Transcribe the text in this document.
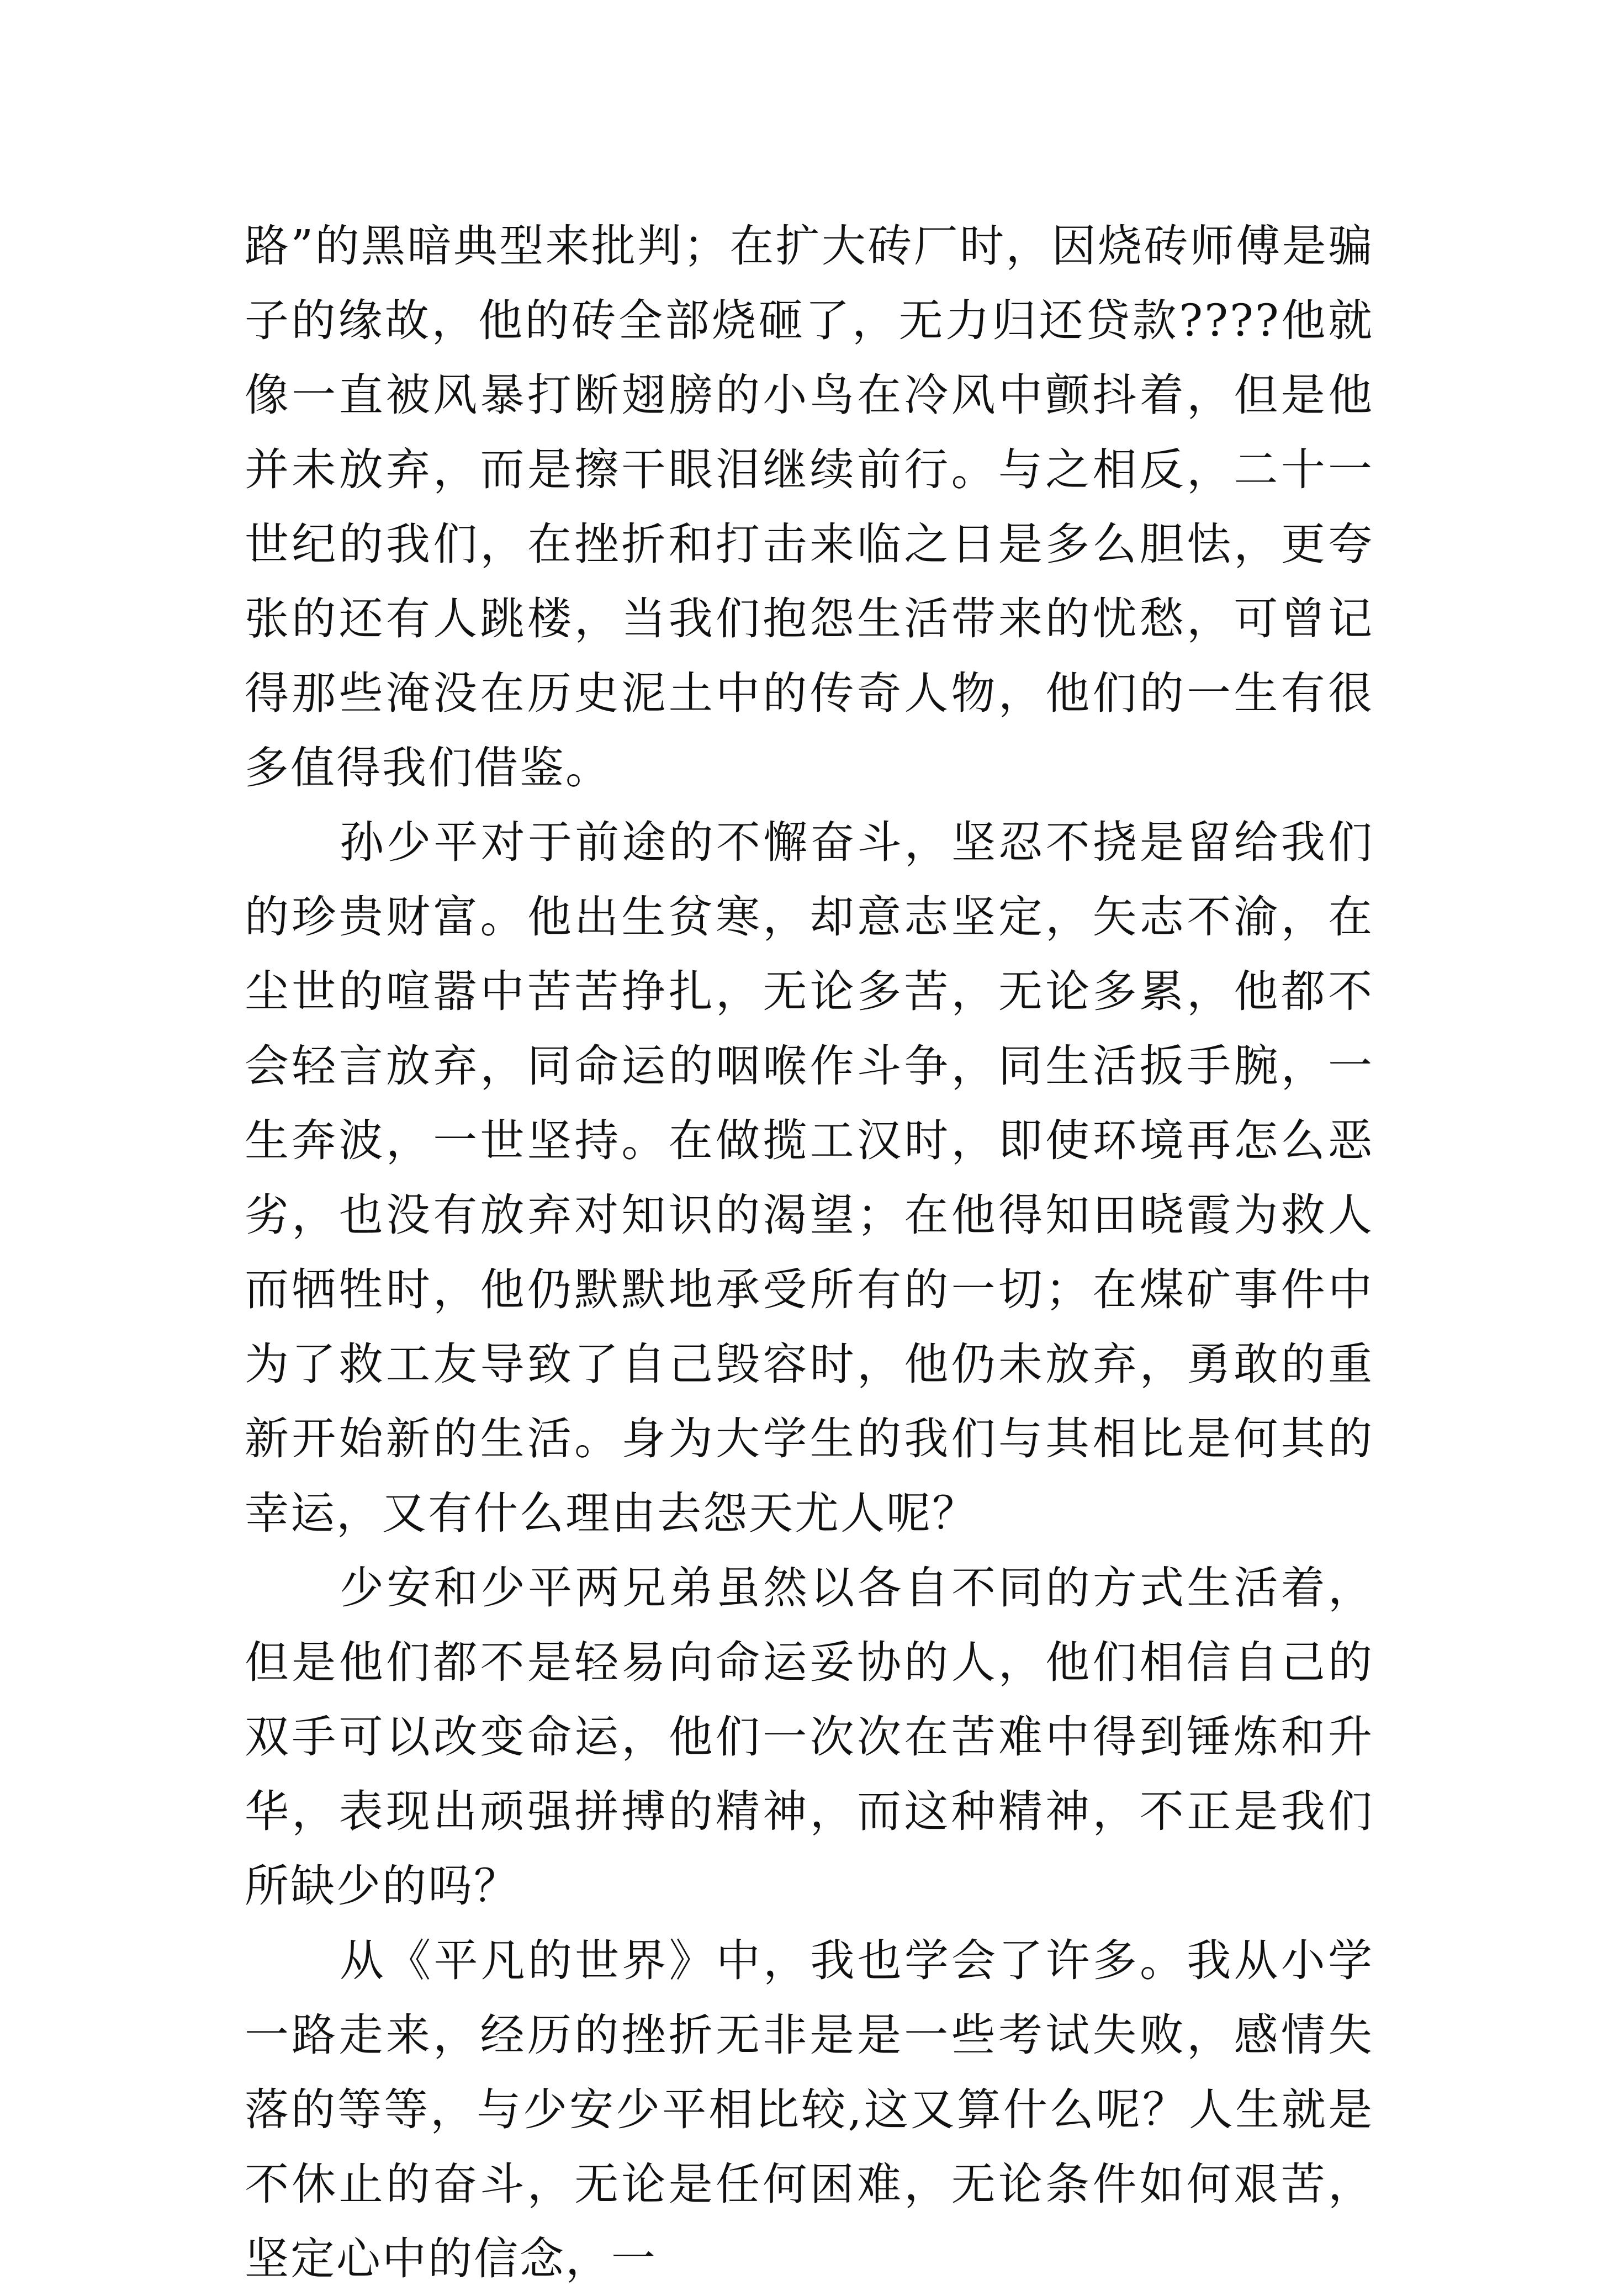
路”的黑暗典型来批判；在扩大砖厂时，因烧砖师傅是骗子的缘故，他的砖全部烧砸了，无力归还贷款????他就像一直被风暴打断翅膀的小鸟在冷风中颤抖着，但是他并未放弃，而是擦干眼泪继续前行。与之相反，二十一世纪的我们，在挫折和打击来临之日是多么胆怯，更夸张的还有人跳楼，当我们抱怨生活带来的忧愁，可曾记得那些淹没在历史泥土中的传奇人物，他们的一生有很多值得我们借鉴。

孙少平对于前途的不懈奋斗，坚忍不挠是留给我们的珍贵财富。他出生贫寒，却意志坚定，矢志不渝，在尘世的喧嚣中苦苦挣扎，无论多苦，无论多累，他都不会轻言放弃，同命运的咽喉作斗争，同生活扳手腕，一生奔波，一世坚持。在做揽工汉时，即使环境再怎么恶劣，也没有放弃对知识的渴望；在他得知田晓霞为救人而牺牲时，他仍默默地承受所有的一切；在煤矿事件中为了救工友导致了自己毁容时，他仍未放弃，勇敢的重新开始新的生活。身为大学生的我们与其相比是何其的幸运，又有什么理由去怨天尤人呢？

少安和少平两兄弟虽然以各自不同的方式生活着，但是他们都不是轻易向命运妥协的人，他们相信自己的双手可以改变命运，他们一次次在苦难中得到锤炼和升华，表现出顽强拼搏的精神，而这种精神，不正是我们所缺少的吗？

从《平凡的世界》中，我也学会了许多。我从小学一路走来，经历的挫折无非是是一些考试失败，感情失落的等等，与少安少平相比较,这又算什么呢？人生就是不休止的奋斗，无论是任何困难，无论条件如何艰苦，坚定心中的信念，一
